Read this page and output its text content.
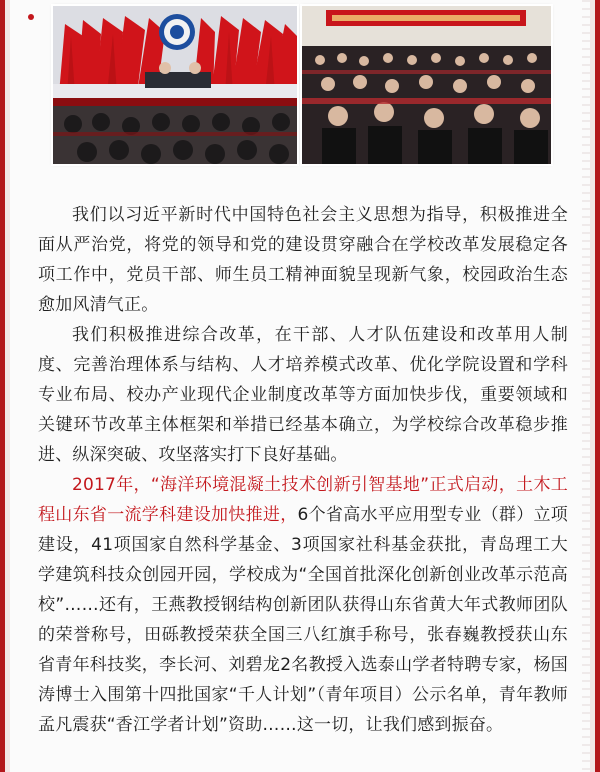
我们以习近平新时代中国特色社会主义思想为指导，积极推进全面从严治党，将党的领导和党的建设贯穿融合在学校改革发展稳定各项工作中，党员干部、师生员工精神面貌呈现新气象，校园政治生态愈加风清气正。

我们积极推进综合改革，在干部、人才队伍建设和改革用人制度、完善治理体系与结构、人才培养模式改革、优化学院设置和学科专业布局、校办产业现代企业制度改革等方面加快步伐，重要领域和关键环节改革主体框架和举措已经基本确立，为学校综合改革稳步推进、纵深突破、攻坚落实打下良好基础。

2017年，“海洋环境混凝土技术创新引智基地”正式启动，土木工程山东省一流学科建设加快推进，6个省高水平应用型专业（群）立项建设，41项国家自然科学基金、3项国家社科基金获批，青岛理工大学建筑科技众创园开园，学校成为“全国首批深化创新创业改革示范高校”……还有，王燕教授钢结构创新团队获得山东省黄大年式教师团队的荣誉称号，田砾教授荣获全国三八红旗手称号，张春巍教授获山东省青年科技奖，李长河、刘碧龙2名教授入选泰山学者特聘专家，杨国涛博士入围第十四批国家“千人计划”（青年项目）公示名单，青年教师孟凡震获“香江学者计划”资助……这一切，让我们感到振奋。
